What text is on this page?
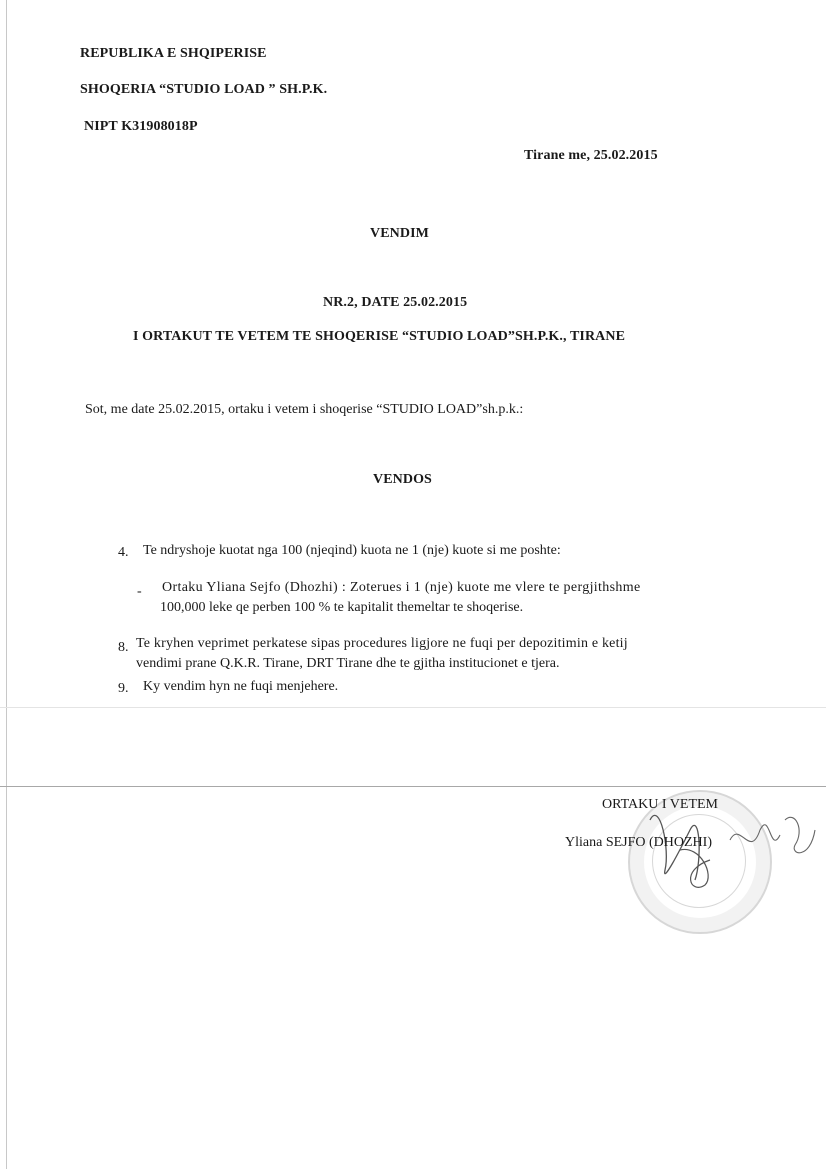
REPUBLIKA E SHQIPERISE
SHOQERIA “STUDIO LOAD ” SH.P.K.
NIPT K31908018P
Tirane me, 25.02.2015
VENDIM
NR.2, DATE 25.02.2015
I ORTAKUT TE VETEM TE SHOQERISE “STUDIO LOAD”SH.P.K., TIRANE
Sot, me date 25.02.2015, ortaku i vetem i shoqerise “STUDIO LOAD”sh.p.k.:
VENDOS
4. Te ndryshoje kuotat nga 100 (njeqind) kuota ne 1 (nje) kuote si me poshte:
- Ortaku Yliana Sejfo (Dhozhi) : Zoterues i 1 (nje) kuote me vlere te pergjithshme
100,000 leke qe perben 100 % te kapitalit themeltar te shoqerise.
8. Te kryhen veprimet perkatese sipas procedures ligjore ne fuqi per depozitimin e ketij
vendimi prane Q.K.R. Tirane, DRT Tirane dhe te gjitha institucionet e tjera.
9. Ky vendim hyn ne fuqi menjehere.
ORTAKU I VETEM
Yliana SEJFO (DHOZHI)
